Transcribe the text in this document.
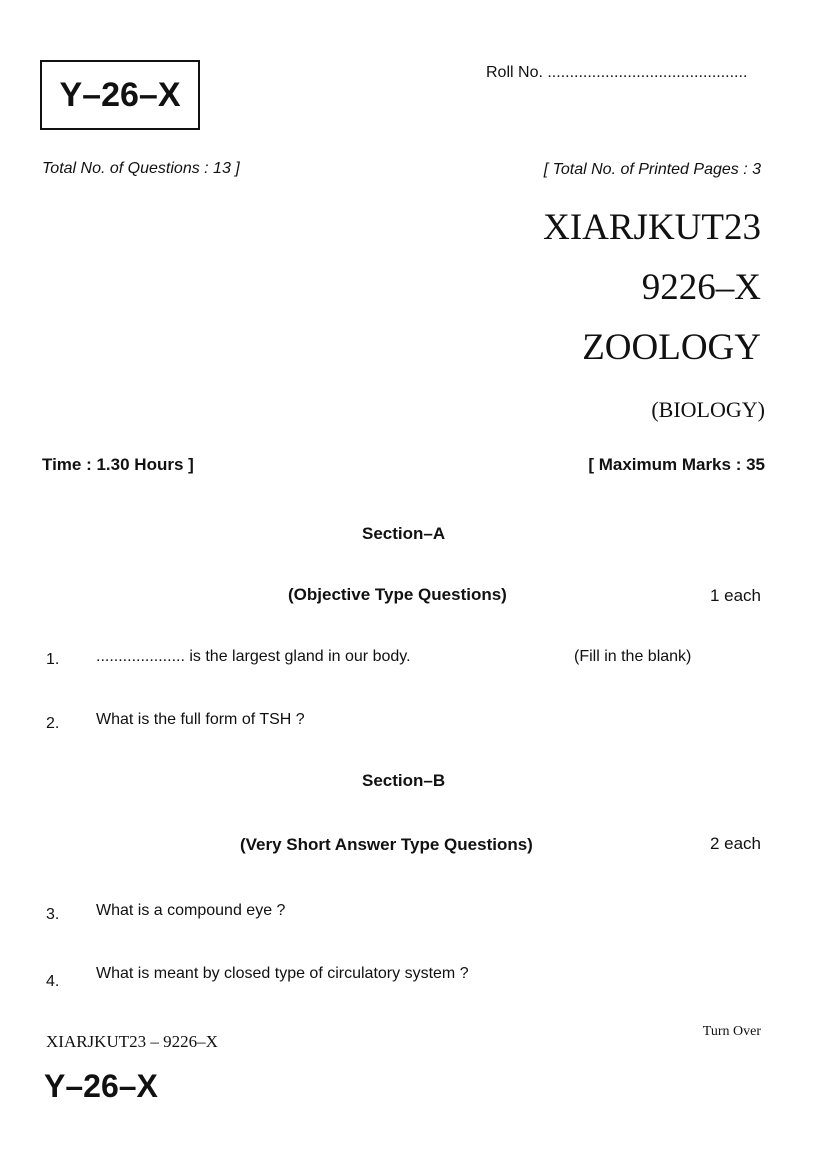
Y–26–X
Roll No. .............................................
Total No. of Questions : 13 ]	[ Total No. of Printed Pages : 3
XIARJKUT23
9226–X
ZOOLOGY
(BIOLOGY)
Time : 1.30 Hours ]	[ Maximum Marks : 35
Section–A
(Objective Type Questions)	1 each
1. .................... is the largest gland in our body.	(Fill in the blank)
2. What is the full form of TSH ?
Section–B
(Very Short Answer Type Questions)	2 each
3. What is a compound eye ?
4. What is meant by closed type of circulatory system ?
XIARJKUT23 – 9226–X
Turn Over
Y–26–X
